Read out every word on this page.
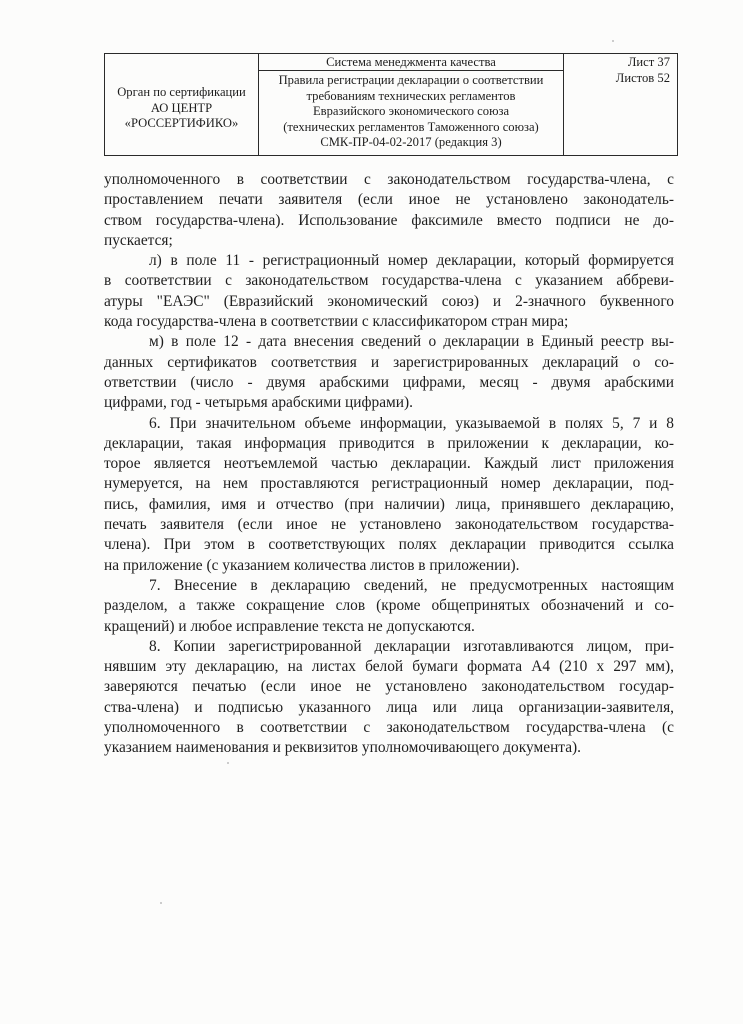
Орган по сертификации
АО ЦЕНТР
«РОССЕРТИФИКО»
Система менеджмента качества
Правила регистрации декларации о соответствии
требованиям технических регламентов
Евразийского экономического союза
(технических регламентов Таможенного союза)
СМК-ПР-04-02-2017 (редакция 3)
Лист 37
Листов 52
уполномоченного в соответствии с законодательством государства-члена, с
проставлением печати заявителя (если иное не установлено законодатель-
ством государства-члена). Использование факсимиле вместо подписи не до-
пускается;
л) в поле 11 - регистрационный номер декларации, который формируется
в соответствии с законодательством государства-члена с указанием аббреви-
атуры "ЕАЭС" (Евразийский экономический союз) и 2-значного буквенного
кода государства-члена в соответствии с классификатором стран мира;
м) в поле 12 - дата внесения сведений о декларации в Единый реестр вы-
данных сертификатов соответствия и зарегистрированных деклараций о со-
ответствии (число - двумя арабскими цифрами, месяц - двумя арабскими
цифрами, год - четырьмя арабскими цифрами).
6. При значительном объеме информации, указываемой в полях 5, 7 и 8
декларации, такая информация приводится в приложении к декларации, ко-
торое является неотъемлемой частью декларации. Каждый лист приложения
нумеруется, на нем проставляются регистрационный номер декларации, под-
пись, фамилия, имя и отчество (при наличии) лица, принявшего декларацию,
печать заявителя (если иное не установлено законодательством государства-
члена). При этом в соответствующих полях декларации приводится ссылка
на приложение (с указанием количества листов в приложении).
7. Внесение в декларацию сведений, не предусмотренных настоящим
разделом, а также сокращение слов (кроме общепринятых обозначений и со-
кращений) и любое исправление текста не допускаются.
8. Копии зарегистрированной декларации изготавливаются лицом, при-
нявшим эту декларацию, на листах белой бумаги формата А4 (210 х 297 мм),
заверяются печатью (если иное не установлено законодательством государ-
ства-члена) и подписью указанного лица или лица организации-заявителя,
уполномоченного в соответствии с законодательством государства-члена (с
указанием наименования и реквизитов уполномочивающего документа).
